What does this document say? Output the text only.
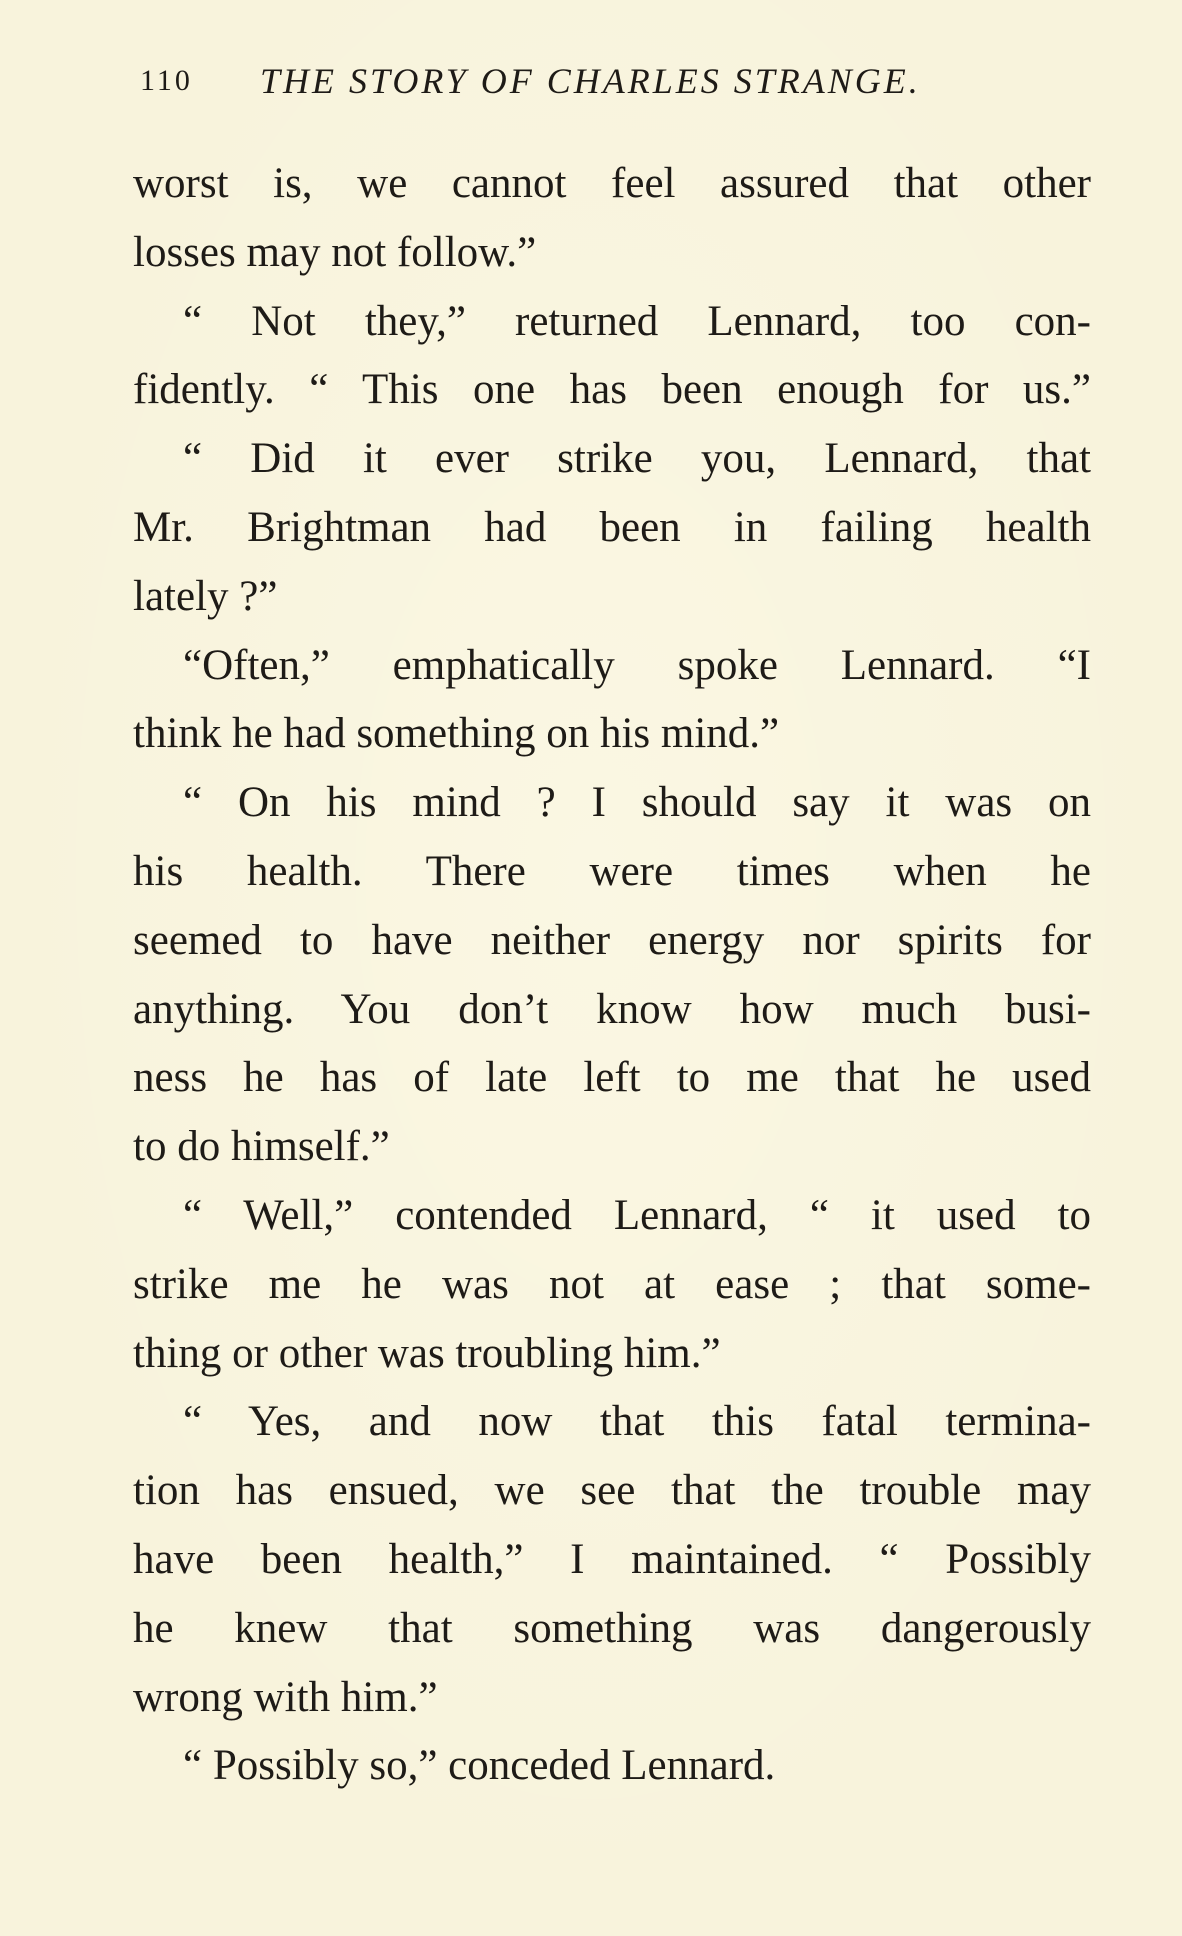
110 THE STORY OF CHARLES STRANGE.
worst is, we cannot feel assured that other
losses may not follow.”
“ Not they,” returned Lennard, too con-
fidently. “ This one has been enough for us.”
“ Did it ever strike you, Lennard, that
Mr. Brightman had been in failing health
lately ?”
“Often,” emphatically spoke Lennard. “I
think he had something on his mind.”
“ On his mind ? I should say it was on
his health. There were times when he
seemed to have neither energy nor spirits for
anything. You don’t know how much busi-
ness he has of late left to me that he used
to do himself.”
“ Well,” contended Lennard, “ it used to
strike me he was not at ease ; that some-
thing or other was troubling him.”
“ Yes, and now that this fatal termina-
tion has ensued, we see that the trouble may
have been health,” I maintained. “ Possibly
he knew that something was dangerously
wrong with him.”
“ Possibly so,” conceded Lennard.
